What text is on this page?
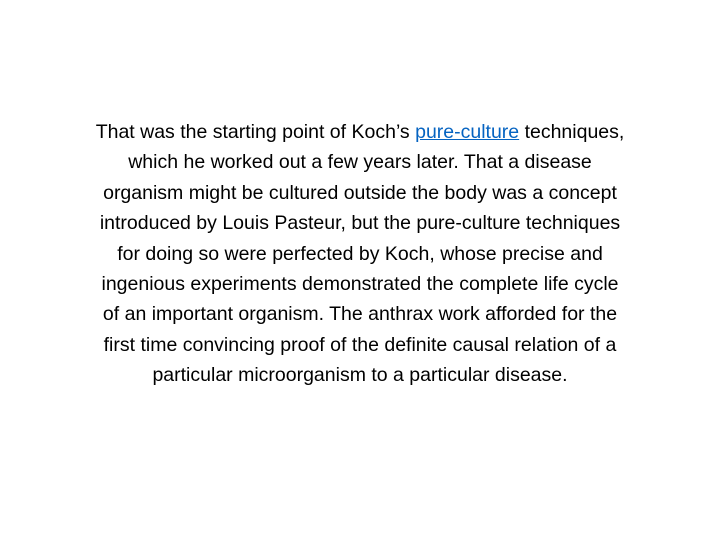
That was the starting point of Koch’s pure-culture techniques,
which he worked out a few years later. That a disease
organism might be cultured outside the body was a concept
introduced by Louis Pasteur, but the pure-culture techniques
for doing so were perfected by Koch, whose precise and
ingenious experiments demonstrated the complete life cycle
of an important organism. The anthrax work afforded for the
first time convincing proof of the definite causal relation of a
particular microorganism to a particular disease.
